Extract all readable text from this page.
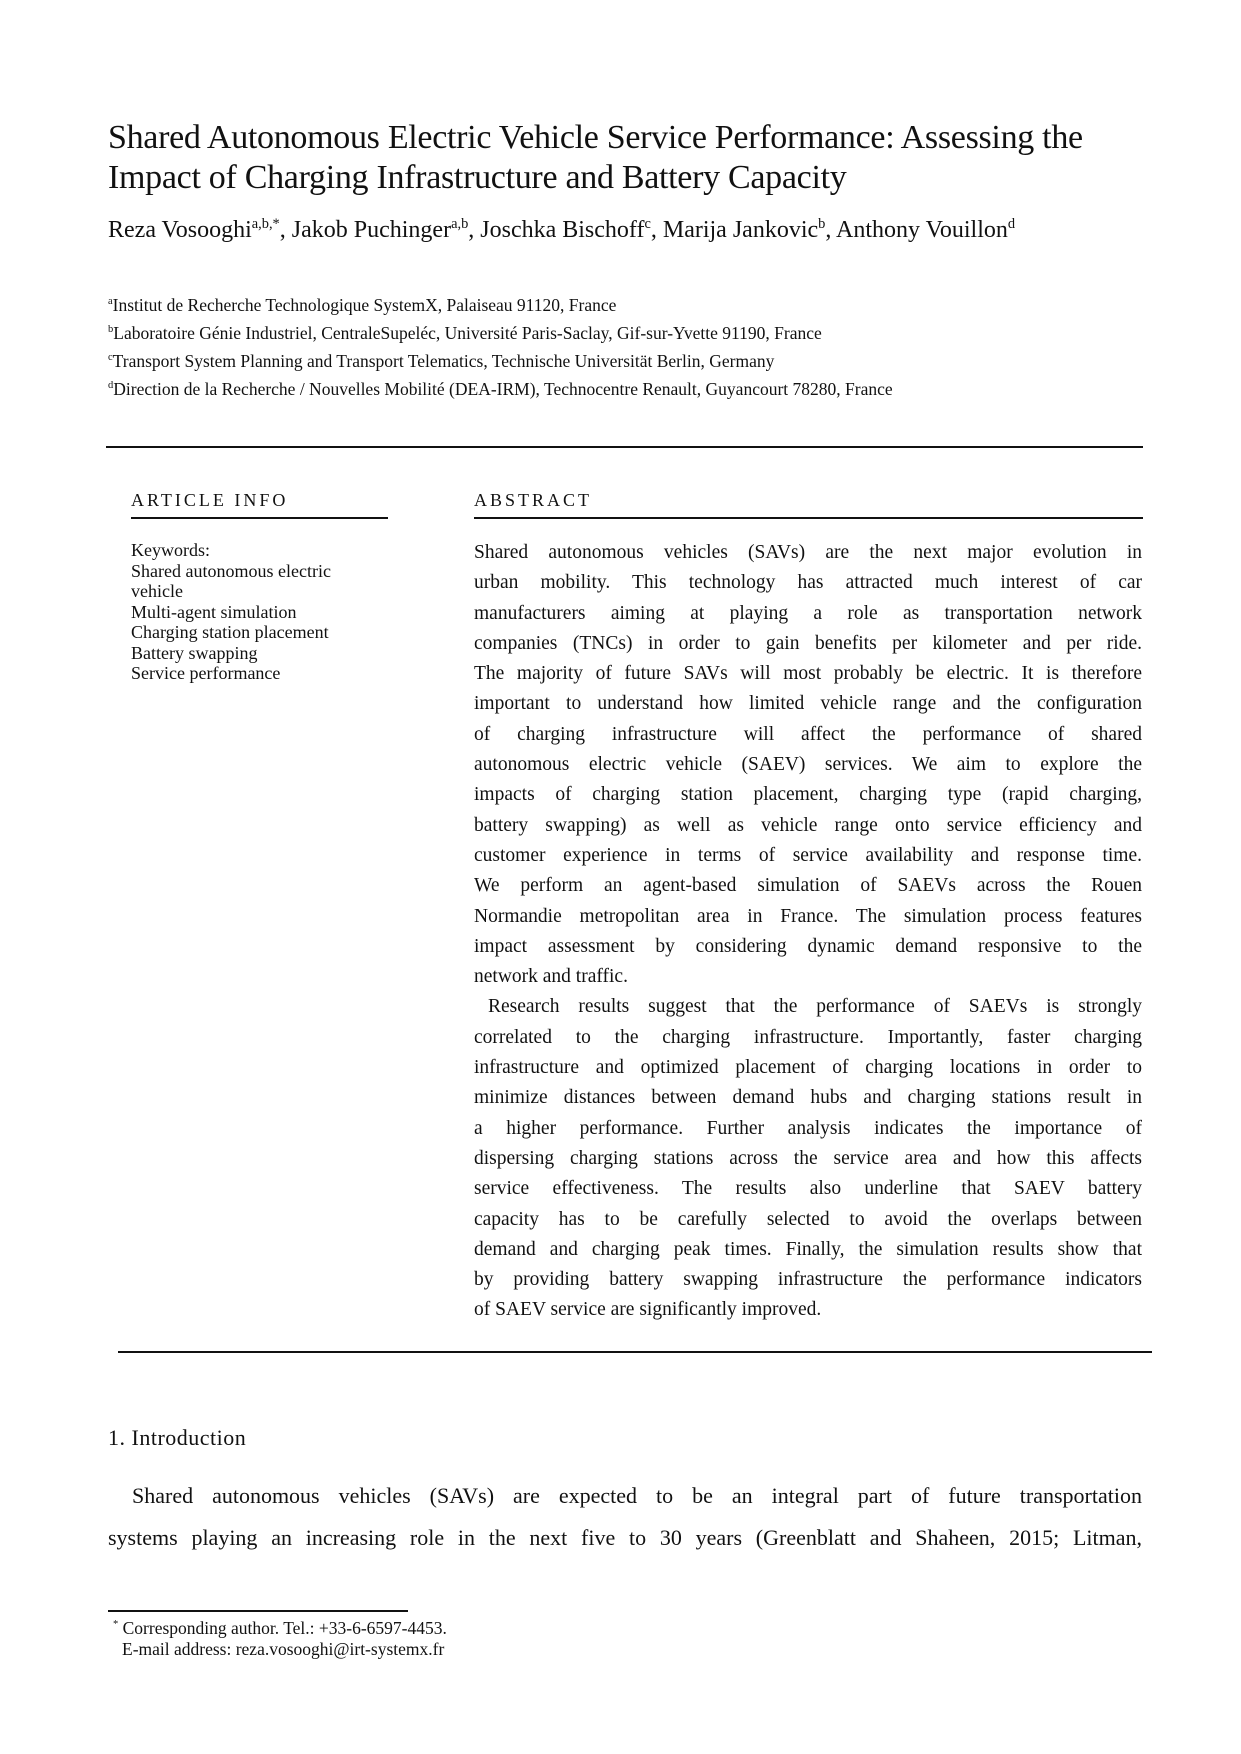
Shared Autonomous Electric Vehicle Service Performance: Assessing the Impact of Charging Infrastructure and Battery Capacity
Reza Vosooghi$^{a,b,*}$, Jakob Puchinger$^{a,b}$, Joschka Bischoff$^c$, Marija Jankovic$^b$, Anthony Vouillon$^d$
$^a$Institut de Recherche Technologique SystemX, Palaiseau 91120, France
$^b$Laboratoire Génie Industriel, CentraleSupeléc, Université Paris-Saclay, Gif-sur-Yvette 91190, France
$^c$Transport System Planning and Transport Telematics, Technische Universität Berlin, Germany
$^d$Direction de la Recherche / Nouvelles Mobilité (DEA-IRM), Technocentre Renault, Guyancourt 78280, France
ARTICLE INFO
Keywords:
Shared autonomous electric
vehicle
Multi-agent simulation
Charging station placement
Battery swapping
Service performance
ABSTRACT
Shared autonomous vehicles (SAVs) are the next major evolution in
urban mobility. This technology has attracted much interest of car
manufacturers aiming at playing a role as transportation network
companies (TNCs) in order to gain benefits per kilometer and per ride.
The majority of future SAVs will most probably be electric. It is therefore
important to understand how limited vehicle range and the configuration
of charging infrastructure will affect the performance of shared
autonomous electric vehicle (SAEV) services. We aim to explore the
impacts of charging station placement, charging type (rapid charging,
battery swapping) as well as vehicle range onto service efficiency and
customer experience in terms of service availability and response time.
We perform an agent-based simulation of SAEVs across the Rouen
Normandie metropolitan area in France. The simulation process features
impact assessment by considering dynamic demand responsive to the
network and traffic.
Research results suggest that the performance of SAEVs is strongly
correlated to the charging infrastructure. Importantly, faster charging
infrastructure and optimized placement of charging locations in order to
minimize distances between demand hubs and charging stations result in
a higher performance. Further analysis indicates the importance of
dispersing charging stations across the service area and how this affects
service effectiveness. The results also underline that SAEV battery
capacity has to be carefully selected to avoid the overlaps between
demand and charging peak times. Finally, the simulation results show that
by providing battery swapping infrastructure the performance indicators
of SAEV service are significantly improved.
1. Introduction
Shared autonomous vehicles (SAVs) are expected to be an integral part of future transportation
systems playing an increasing role in the next five to 30 years (Greenblatt and Shaheen, 2015; Litman,
* Corresponding author. Tel.: +33-6-6597-4453.
E-mail address: reza.vosooghi@irt-systemx.fr
